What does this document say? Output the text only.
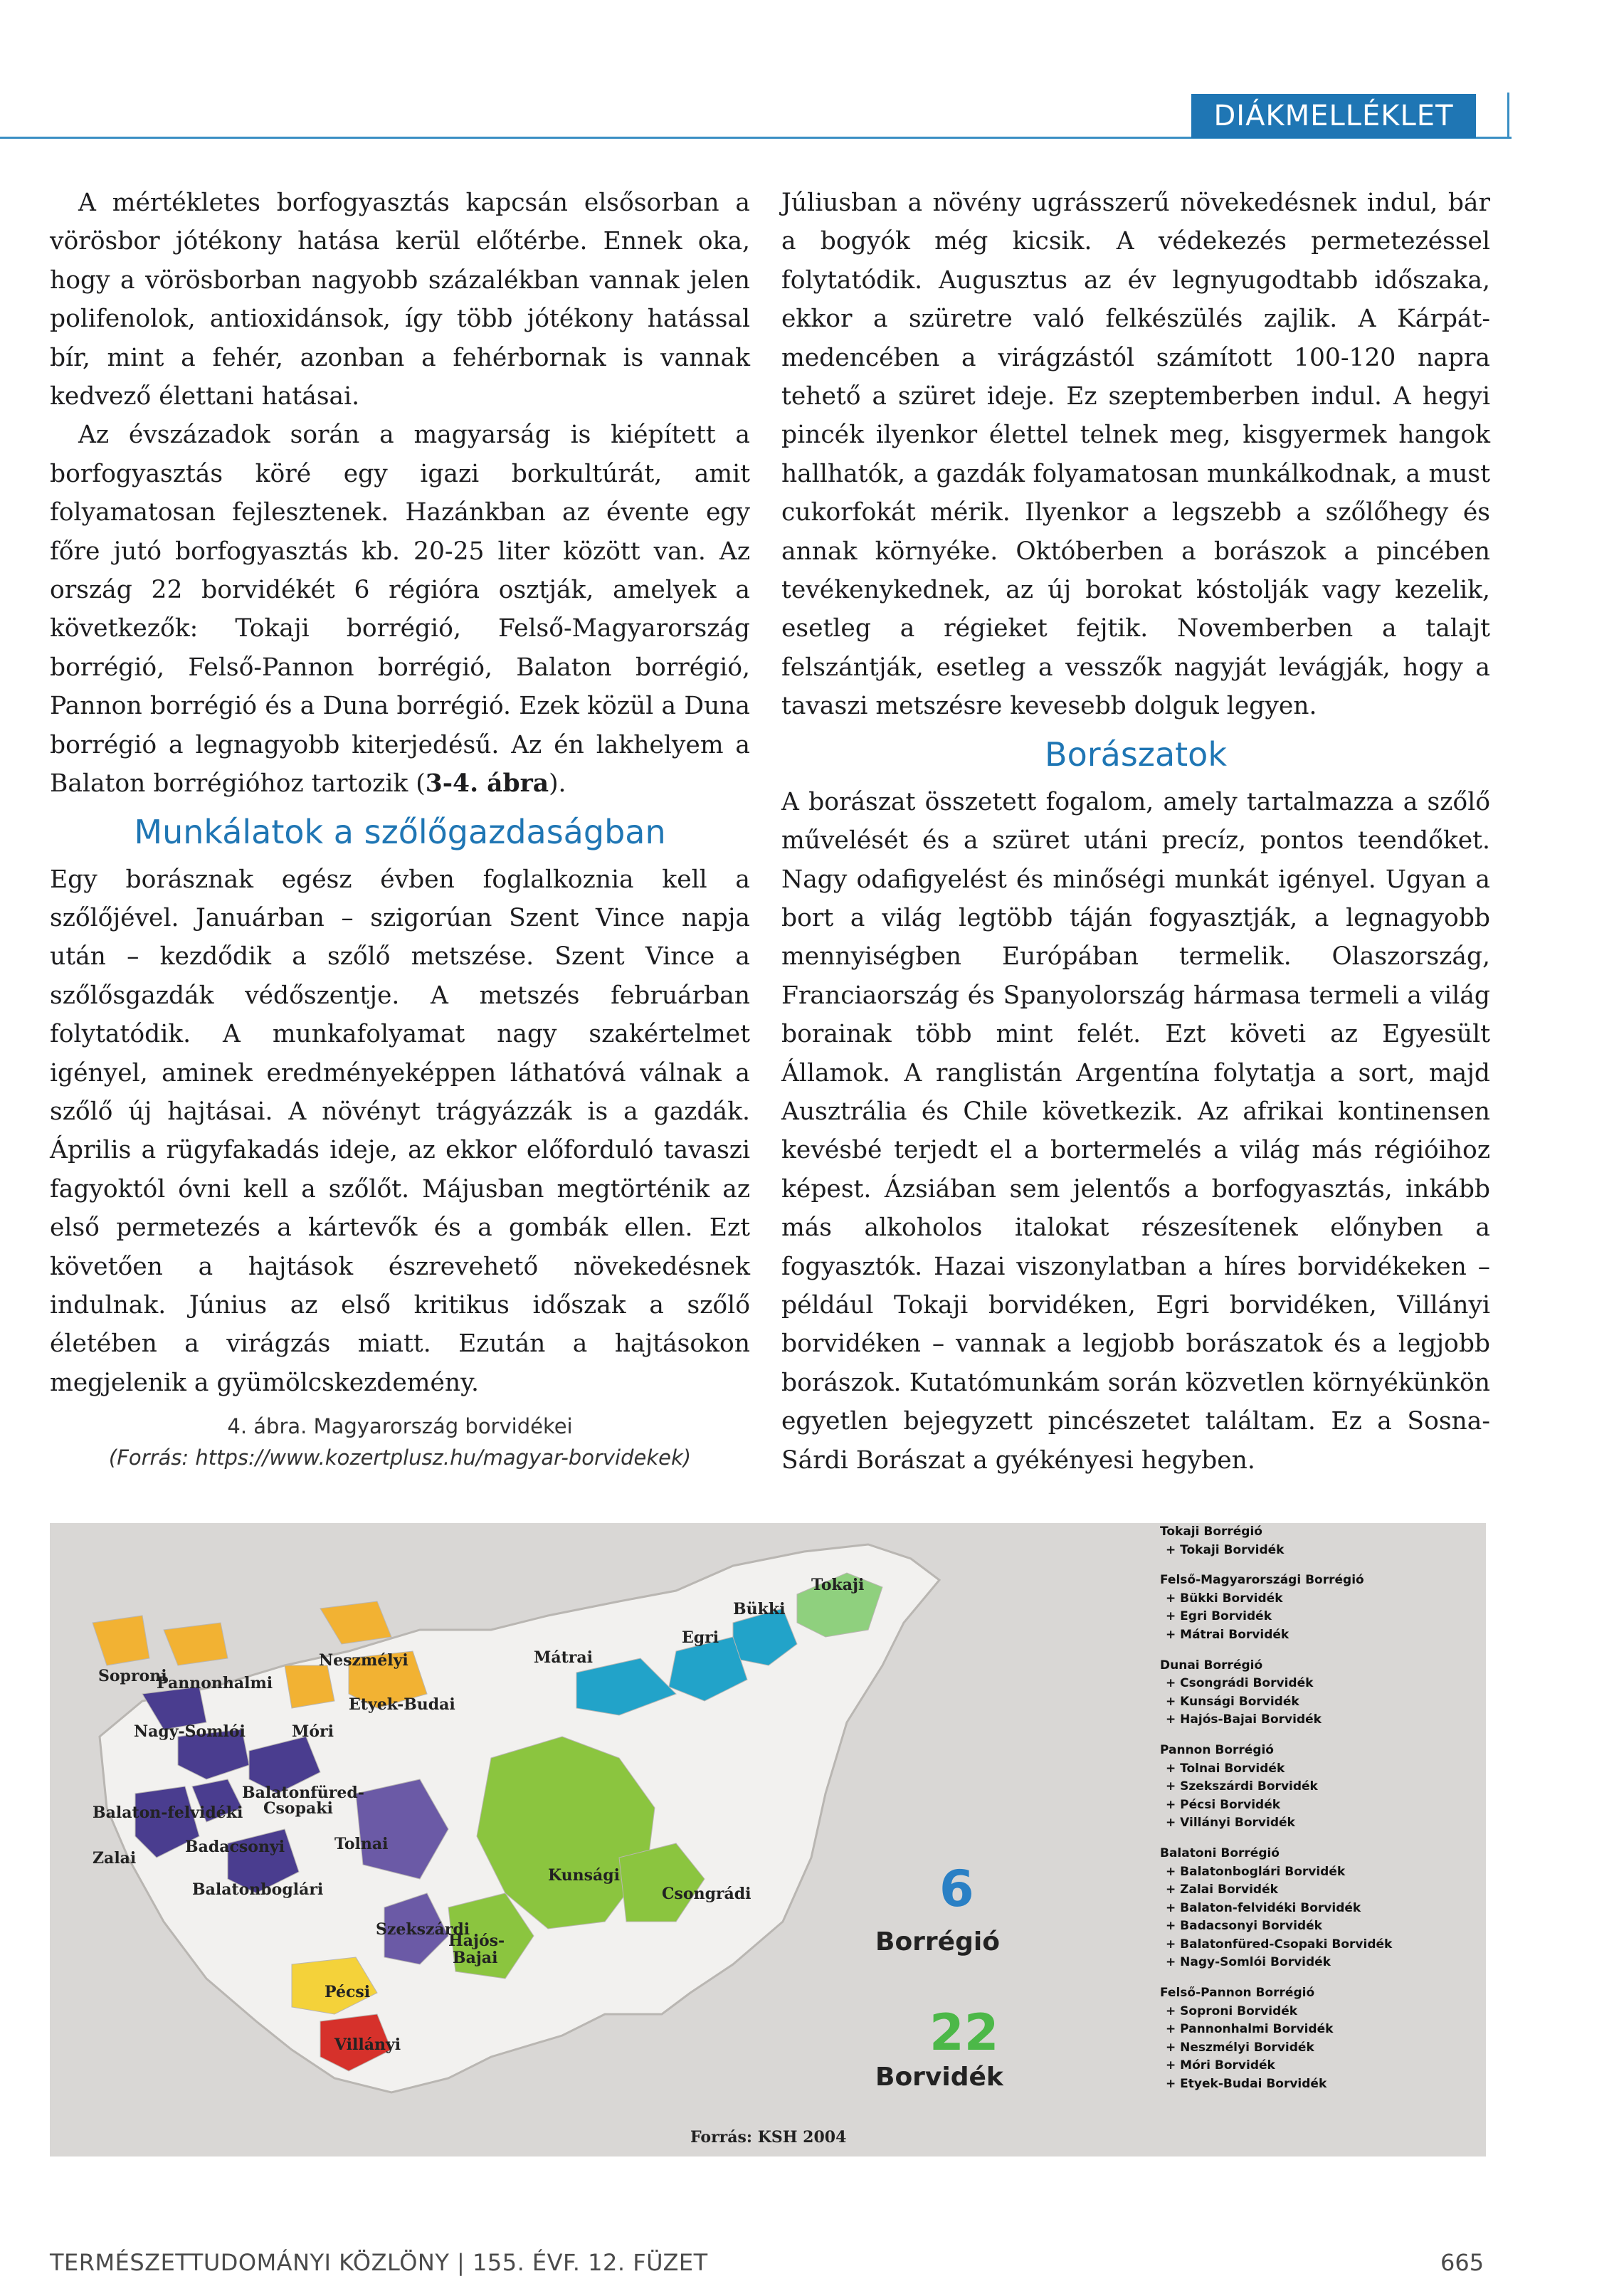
DIÁKMELLÉKLET

A mértékletes borfogyasztás kapcsán elsősorban a vörösbor jótékony hatása kerül előtérbe. Ennek oka, hogy a vörösborban nagyobb százalékban vannak jelen polifenolok, antioxidánsok, így több jótékony hatással bír, mint a fehér, azonban a fehérbornak is vannak kedvező élettani hatásai.

Az évszázadok során a magyarság is kiépített a borfogyasztás köré egy igazi borkultúrát, amit folyamatosan fejlesztenek. Hazánkban az évente egy főre jutó borfogyasztás kb. 20-25 liter között van. Az ország 22 borvidékét 6 régióra osztják, amelyek a következők: Tokaji borrégió, Felső-Magyarország borrégió, Felső-Pannon borrégió, Balaton borrégió, Pannon borrégió és a Duna borrégió. Ezek közül a Duna borrégió a legnagyobb kiterjedésű. Az én lakhelyem a Balaton borrégióhoz tartozik (3-4. ábra).

Munkálatok a szőlőgazdaságban

Egy borásznak egész évben foglalkoznia kell a szőlőjével. Januárban – szigorúan Szent Vince napja után – kezdődik a szőlő metszése. Szent Vince a szőlősgazdák védőszentje. A metszés februárban folytatódik. A munkafolyamat nagy szakértelmet igényel, aminek eredményeképpen láthatóvá válnak a szőlő új hajtásai. A növényt trágyázzák is a gazdák. Április a rügyfakadás ideje, az ekkor előforduló tavaszi fagyoktól óvni kell a szőlőt. Májusban megtörténik az első permetezés a kártevők és a gombák ellen. Ezt követően a hajtások észrevehető növekedésnek indulnak. Június az első kritikus időszak a szőlő életében a virágzás miatt. Ezután a hajtásokon megjelenik a gyümölcskezdemény.

4. ábra. Magyarország borvidékei
(Forrás: https://www.kozertplusz.hu/magyar-borvidekek)

Júliusban a növény ugrásszerű növekedésnek indul, bár a bogyók még kicsik. A védekezés permetezéssel folytatódik. Augusztus az év legnyugodtabb időszaka, ekkor a szüretre való felkészülés zajlik. A Kárpát-medencében a virágzástól számított 100-120 napra tehető a szüret ideje. Ez szeptemberben indul. A hegyi pincék ilyenkor élettel telnek meg, kisgyermek hangok hallhatók, a gazdák folyamatosan munkálkodnak, a must cukorfokát mérik. Ilyenkor a legszebb a szőlőhegy és annak környéke. Októberben a borászok a pincében tevékenykednek, az új borokat kóstolják vagy kezelik, esetleg a régieket fejtik. Novemberben a talajt felszántják, esetleg a vesszők nagyját levágják, hogy a tavaszi metszésre kevesebb dolguk legyen.

Borászatok

A borászat összetett fogalom, amely tartalmazza a szőlő művelését és a szüret utáni precíz, pontos teendőket. Nagy odafigyelést és minőségi munkát igényel. Ugyan a bort a világ legtöbb táján fogyasztják, a legnagyobb mennyiségben Európában termelik. Olaszország, Franciaország és Spanyolország hármasa termeli a világ borainak több mint felét. Ezt követi az Egyesült Államok. A ranglistán Argentína folytatja a sort, majd Ausztrália és Chile következik. Az afrikai kontinensen kevésbé terjedt el a bortermelés a világ más régióihoz képest. Ázsiában sem jelentős a borfogyasztás, inkább más alkoholos italokat részesítenek előnyben a fogyasztók. Hazai viszonylatban a híres borvidékeken – például Tokaji borvidéken, Egri borvidéken, Villányi borvidéken – vannak a legjobb borászatok és a legjobb borászok. Kutatómunkám során közvetlen környékünkön egyetlen bejegyzett pincészetet találtam. Ez a Sosna-Sárdi Borászat a gyékényesi hegyben.

Soproni
Pannonhalmi
Neszmélyi	Mátrai
Egri
Bükki
Tokaji
Etyek-Budai
Nagy-Somlói	Móri
Balaton-felvidéki
Balatonfüred-
Csopaki
Zalai
Badacsonyi	Tolnai
Balatonboglári
Kunsági
Csongrádi
Szekszárdi
Hajós-
Bajai
Pécsi
Villányi
6
Borrégió
22
Borvidék
Forrás: KSH 2004
Tokaji Borrégió
+ Tokaji Borvidék
Felső-Magyarországi Borrégió
+ Bükki Borvidék
+ Egri Borvidék
+ Mátrai Borvidék
Dunai Borrégió
+ Csongrádi Borvidék
+ Kunsági Borvidék
+ Hajós-Bajai Borvidék
Pannon Borrégió
+ Tolnai Borvidék
+ Szekszárdi Borvidék
+ Pécsi Borvidék
+ Villányi Borvidék
Balatoni Borrégió
+ Balatonboglári Borvidék
+ Zalai Borvidék
+ Balaton-felvidéki Borvidék
+ Badacsonyi Borvidék
+ Balatonfüred-Csopaki Borvidék
+ Nagy-Somlói Borvidék
Felső-Pannon Borrégió
+ Soproni Borvidék
+ Pannonhalmi Borvidék
+ Neszmélyi Borvidék
+ Móri Borvidék
+ Etyek-Budai Borvidék
TERMÉSZETTUDOMÁNYI KÖZLÖNY | 155. ÉVF. 12. FÜZET	665
